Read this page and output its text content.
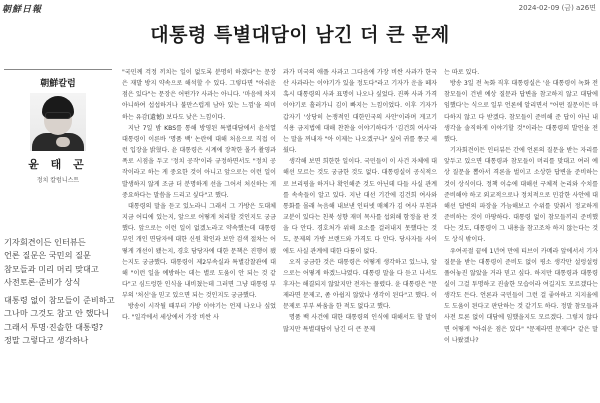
朝鮮日報	2024-02-09 (금) a26면
대통령 특별대담이 남긴 더 큰 문제
朝鮮칼럼
윤 태 곤
정치 칼럼니스트
기자회견이든 인터뷰든
언론 질문은 국민의 질문
참모들과 미리 머리 맞대고
사전토론·준비가 상식
대통령 없이 참모들이 준비하고
그나마 그것도 참고 안 했다니
그래서 투명·진솔한 대통령?
정말 그렇다고 생각하나

"국민께 걱정 끼치는 일이 없도록 분명히 하겠다"는 문장은 재발 방지 약속으로 해석할 수 있다. 그렇다면 "아쉬운 점은 있다"는 문장은 어떤가? 사과는 아니다. '마음에 차지 아니하여 섭섭하거나 불만스럽게 남아 있는 느낌'을 의미하는 유감(遺憾) 보다도 낮은 느낌이다.

지난 7일 밤 KBS를 통해 방영된 특별대담에서 윤석열 대통령이 이른바 '명품 백' 논란에 대해 처음으로 직접 이런 입장을 밝혔다. 윤 대통령은 시계에 장착한 몰카 촬영과 폭로 시점을 두고 '정치 공작'이라 규정하면서도 "정치 공작이라고 하는 게 중요한 것이 아니고 앞으로는 이런 일이 발생하지 않게 조금 더 분명하게 선을 그어서 처신하는 게 중요하다는 말씀을 드리고 싶다"고 했다.

대통령의 말을 듣고 있노라니 그래서 그 가방은 도대체 지금 어디에 있는지, 앞으로 어떻게 처리할 것인지도 궁금했다. 앞으로는 이런 일이 없겠노라고 약속했는데 대통령 부인 개인 면담자에 대한 신원 확인과 보안 검색 절차는 어떻게 개선이 됐는지, 경호 담당자에 대한 문책은 진행이 됐는지도 궁금했다. 대통령이 제2부속실과 특별감찰관에 대해 "이런 일을 예방하는 데는 별로 도움이 안 되는 것 같다"고 심드렁한 인식을 내비쳤는데 그러면 그냥 대통령 부부의 '처신'을 믿고 있으면 되는 것인지도 궁금했다.

방송이 시작될 때부터 가방 이야기는 언제 나오나 싶었다. "일각에서 세상에서 가장 비싼 사

과가 미국의 애플 사과고 그다음에 가장 비싼 사과가 한국산 사과라는 이야기가 있을 정도다"라고 기자가 운을 떼자 혹시 대통령의 사과 표명이 나오나 싶었다. 진짜 사과 가격 이야기로 흘러가니 김이 빠지는 느낌이었다. 이후 기자가 갑자기 '상당히 논쟁적인 대한민국의 사안'이라며 게고기 식용 금지법에 대해 찬찬을 이야기하다가 '김건희 여사'라는 말을 꺼내자 "아 이제는 나오겠구나" 싶어 귀를 쫑긋 세웠다.

생각해 보면 희한한 일이다. 국민들이 이 사건 자체에 대해선 모르는 것도 궁금한 것도 없다. 대통령실이 공식적으로 브리핑을 하거나 확인해준 것도 아닌데 다들 사실 관계를 속속들이 알고 있다. 지난 대선 기간에 김건희 여사와 통화를 몰래 녹음해 내보낸 인터넷 매체가 김 여사 부친과 교분이 있다는 친북 성향 재미 목사를 섭외해 함정을 판 것을 다 안다. 경호처가 위해 요소를 걸러내지 못했다는 것도, 문제의 가방 브랜드와 가격도 다 안다. 당사자들 사이에도 사실 관계에 대한 다툼이 없다.

오직 궁금한 것은 대통령은 어떻게 생각하고 있느냐, 앞으로는 어떻게 하겠느냐였다. 대통령 말을 다 듣고 나서도 후자는 해결되지 않았지만 전자는 풀렸다. 윤 대통령은 "문제라면 문제고, 좀 아쉽지 않았나 생각이 된다"고 했다. 이 문제로 부부 싸움을 한 적도 없다고 했다.

명품 백 사건에 대한 대통령의 인식에 대해서도 할 말이 많지만 특별대담이 남긴 더 큰 문제

는 따로 있다.

방송 3일 전 녹화 직후 대통령실은 '윤 대통령이 녹화 전 참모들이 건넨 예상 질문과 답변을 참고하지 않고 대담에 임했다'는 식으로 일부 언론에 알리면서 "어떤 질문이든 마다하지 않고 다 받겠다. 참모들이 준비해 준 답이 아닌 내 생각을 솔직하게 이야기할 것"이라는 대통령의 발언을 전했다.

기자회견이든 인터뷰든 간에 언론의 질문을 받는 자리를 앞두고 있으면 대통령과 참모들이 머리를 맞대고 여러 예상 질문을 뽑아서 격론을 벌이고 소상한 답변을 준비하는 것이 상식이다. 정책 이슈에 대해선 구체적 논리와 수치를 준비해야 하고 외교적으로나 정치적으로 민감한 사안에 대해선 답변의 파장을 가늠해보고 수위를 맞춰서 정교하게 준비하는 것이 마땅하다. 대통령 없이 참모들끼리 준비했다는 것도, 대통령이 그 내용을 참고조차 하지 않는다는 것도 상식 밖이다.

우여곡절 끝에 1년여 만에 티브이 카메라 앞에서서 기자 질문을 받는 대통령이 준비도 없이 평소 생각만 설렁설렁 풀어놓진 않았을 거라 믿고 싶다. 하지만 대통령과 대통령실이 그걸 투명하고 진솔한 모습이라 여길지도 모르겠다는 생각도 든다. 언론과 국민들이 그런 걸 좋아하고 지지율에도 도움이 된다고 판단하는 것 같기도 하다. 정말 참모들과 사전 토론 없이 대담에 임했을지도 모르겠다. 그렇지 않다면 어떻게 "아쉬운 점은 있다" "문제라면 문제다" 같은 말이 나왔겠나?
